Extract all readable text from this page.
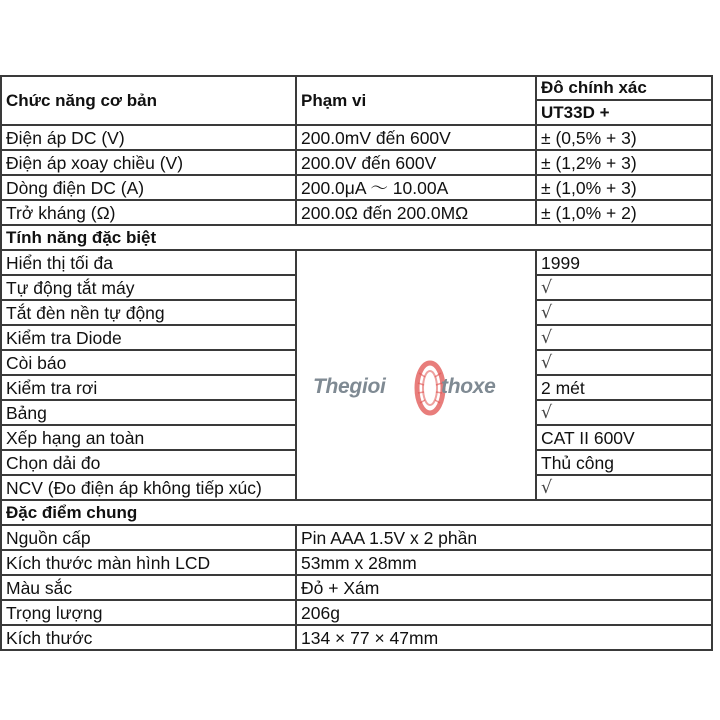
Chức năng cơ bản	Phạm vi	Đô chính xác
		UT33D +
Điện áp DC (V)	200.0mV đến 600V	± (0,5% + 3)
Điện áp xoay chiều (V)	200.0V đến 600V	± (1,2% + 3)
Dòng điện DC (A)	200.0μA ～ 10.00A	± (1,0% + 3)
Trở kháng (Ω)	200.0Ω đến 200.0MΩ	± (1,0% + 2)
Tính năng đặc biệt		
Hiển thị tối đa		1999
Tự động tắt máy		√
Tắt đèn nền tự động		√
Kiểm tra Diode		√
Còi báo		√
Kiểm tra rơi		2 mét
Bảng		√
Xếp hạng an toàn		CAT II 600V
Chọn dải đo		Thủ công
NCV (Đo điện áp không tiếp xúc)		√
Đặc điểm chung		
Nguồn cấp	Pin AAA 1.5V x 2 phần	
Kích thước màn hình LCD	53mm x 28mm	
Màu sắc	Đỏ + Xám	
Trọng lượng	206g	
Kích thước	134 × 77 × 47mm	
Thegioi	thoxe
